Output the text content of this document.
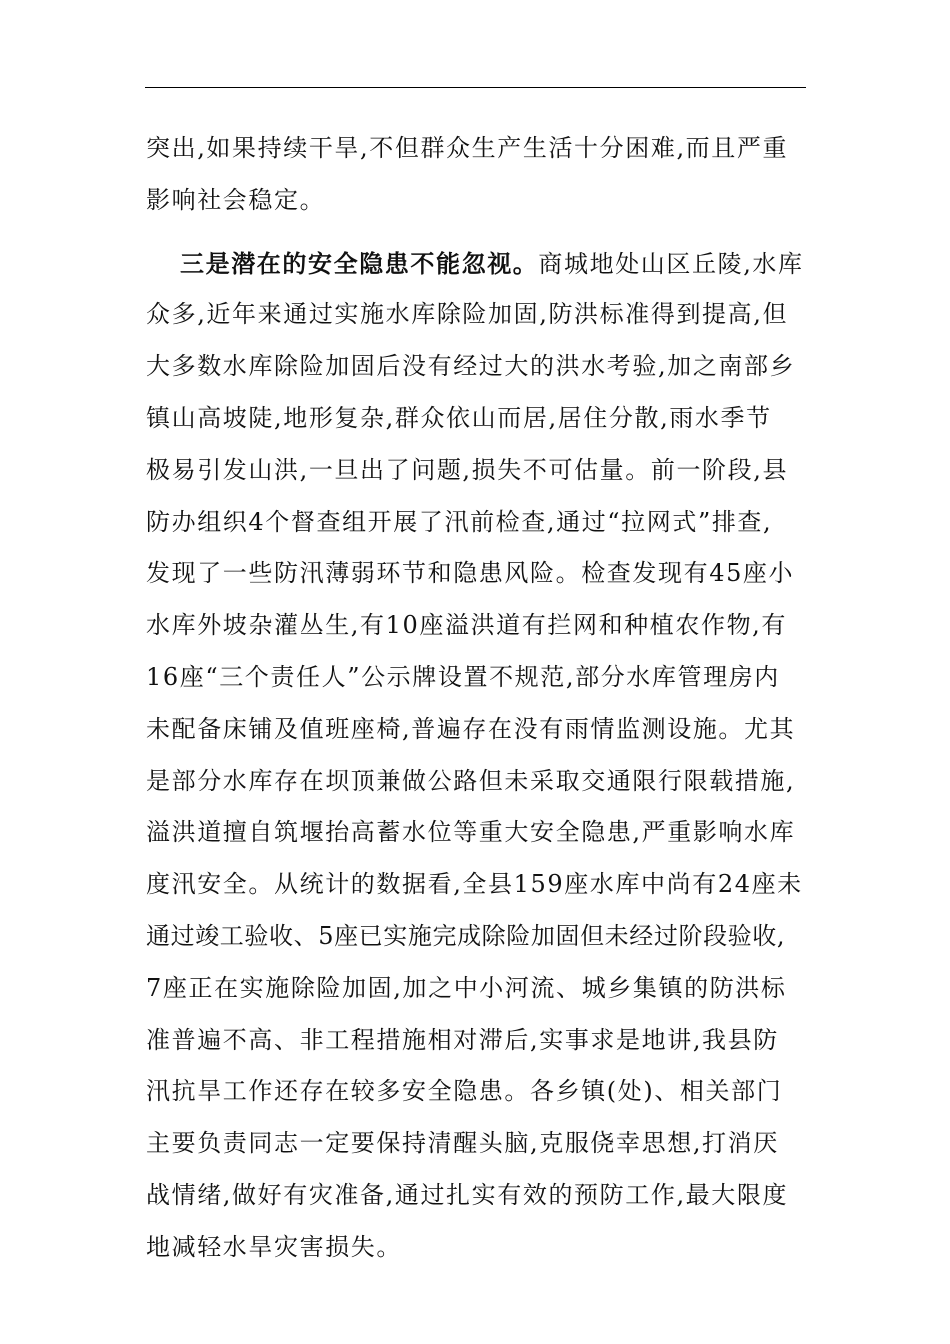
突出,如果持续干旱,不但群众生产生活十分困难,而且严重
影响社会稳定。
三是潜在的安全隐患不能忽视。商城地处山区丘陵,水库
众多,近年来通过实施水库除险加固,防洪标准得到提高,但
大多数水库除险加固后没有经过大的洪水考验,加之南部乡
镇山高坡陡,地形复杂,群众依山而居,居住分散,雨水季节
极易引发山洪,一旦出了问题,损失不可估量。前一阶段,县
防办组织4个督查组开展了汛前检查,通过“拉网式”排查,
发现了一些防汛薄弱环节和隐患风险。检查发现有45座小
水库外坡杂灌丛生,有10座溢洪道有拦网和种植农作物,有
16座“三个责任人”公示牌设置不规范,部分水库管理房内
未配备床铺及值班座椅,普遍存在没有雨情监测设施。尤其
是部分水库存在坝顶兼做公路但未采取交通限行限载措施,
溢洪道擅自筑堰抬高蓄水位等重大安全隐患,严重影响水库
度汛安全。从统计的数据看,全县159座水库中尚有24座未
通过竣工验收、5座已实施完成除险加固但未经过阶段验收,
7座正在实施除险加固,加之中小河流、城乡集镇的防洪标
准普遍不高、非工程措施相对滞后,实事求是地讲,我县防
汛抗旱工作还存在较多安全隐患。各乡镇(处)、相关部门
主要负责同志一定要保持清醒头脑,克服侥幸思想,打消厌
战情绪,做好有灾准备,通过扎实有效的预防工作,最大限度
地减轻水旱灾害损失。
